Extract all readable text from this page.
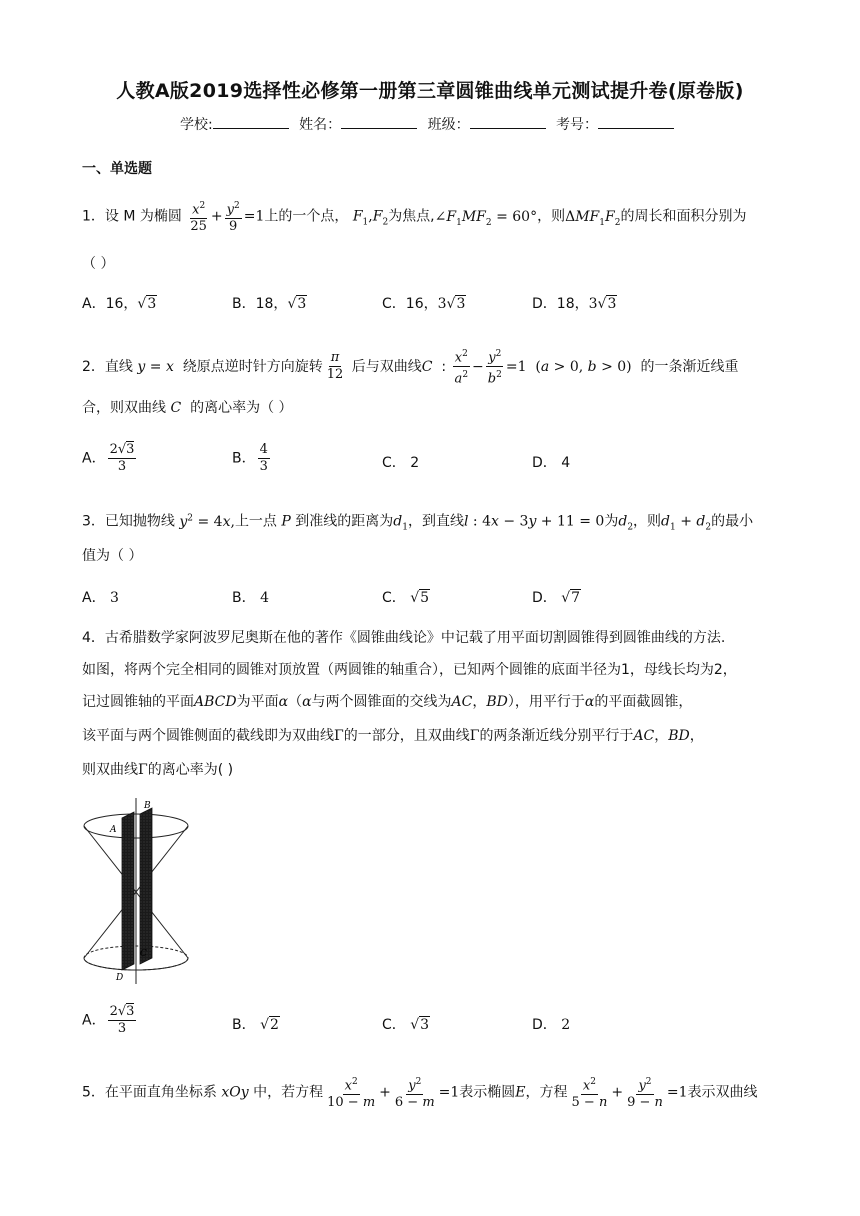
人教A版2019选择性必修第一册第三章圆锥曲线单元测试提升卷(原卷版)
学校:	姓名：	班级：	考号：
一、单选题
1．设 M 为椭圆 $\frac{x^2}{25} + \frac{y^2}{9} =1$上的一个点， $F_1,F_2$为焦点$,\angle F_1MF_2 = 60^\circ$，则$\Delta MF_1F_2$的周长和面积分别为
（ ）
A．16，√3	B．18，√3	C．16，3√3	D．18，3√3
2．直线 y = x 绕原点逆时针方向旋转 $\frac{\pi}{12}$ 后与双曲线C  : $\frac{x^2}{a^2} - \frac{y^2}{b^2} =1$ (a > 0, b > 0) 的一条渐近线重
合，则双曲线 C 的离心率为（ ）
A． $\frac{2√3}{3}$	B． $\frac{4}{3}$	C． 2	D． 4
3．已知抛物线 $y^2 = 4x$,上一点 P 到准线的距离为$d_1$，到直线l : 4x − 3y + 11 = 0为$d_2$，则$d_1 + d_2$的最小
值为（ ）
A． 3	B． 4	C． √5	D． √7
4．古希腊数学家阿波罗尼奥斯在他的著作《圆锥曲线论》中记载了用平面切割圆锥得到圆锥曲线的方法.
如图，将两个完全相同的圆锥对顶放置（两圆锥的轴重合），已知两个圆锥的底面半径为1，母线长均为2，
记过圆锥轴的平面ABCD为平面α（α与两个圆锥面的交线为AC，BD），用平行于α的平面截圆锥，
该平面与两个圆锥侧面的截线即为双曲线Γ的一部分，且双曲线Γ的两条渐近线分别平行于AC，BD，
则双曲线Γ的离心率为( )
B
A
C
D
A． $\frac{2√3}{3}$	B． √2	C． √3	D． 2
5．在平面直角坐标系 xOy 中，若方程 $\frac{x^2}{10 - m} + \frac{y^2}{6 - m} =1$表示椭圆E，方程 $\frac{x^2}{5 - n} + \frac{y^2}{9 - n} =1$表示双曲线
